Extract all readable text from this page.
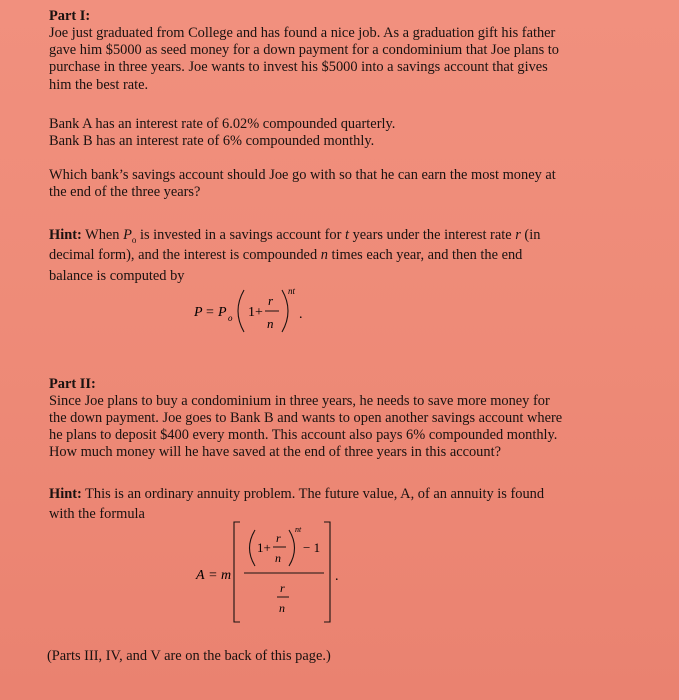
Part I:

Joe just graduated from College and has found a nice job. As a graduation gift his father

gave him $5000 as seed money for a down payment for a condominium that Joe plans to

purchase in three years. Joe wants to invest his $5000 into a savings account that gives

him the best rate.

Bank A has an interest rate of 6.02% compounded quarterly.

Bank B has an interest rate of 6% compounded monthly.

Which bank’s savings account should Joe go with so that he can earn the most money at

the end of the three years?

Hint: When $P_o$ is invested in a savings account for t years under the interest rate r (in

decimal form), and the interest is compounded n times each year, and then the end

balance is computed by

P = P o 1+
r
n
nt
.

Part II:

Since Joe plans to buy a condominium in three years, he needs to save more money for

the down payment. Joe goes to Bank B and wants to open another savings account where

he plans to deposit $400 every month. This account also pays 6% compounded monthly.

How much money will he have saved at the end of three years in this account?

Hint: This is an ordinary annuity problem. The future value, A, of an annuity is found

with the formula

A = m
1+
r
n
nt
− 1
r
n
.

(Parts III, IV, and V are on the back of this page.)
